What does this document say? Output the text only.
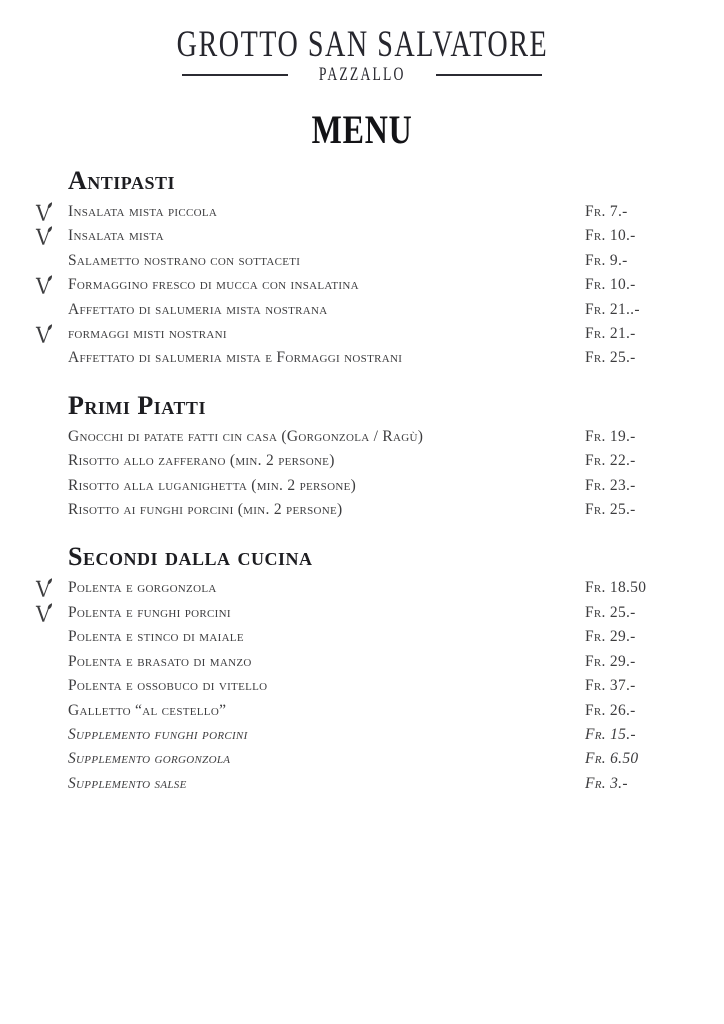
GROTTO SAN SALVATORE
PAZZALLO
MENU
Antipasti
Insalata mista piccola	Fr. 7.-
Insalata mista	Fr. 10.-
Salametto nostrano con sottaceti	Fr. 9.-
Formaggino fresco di mucca con insalatina	Fr. 10.-
Affettato di salumeria mista nostrana	Fr. 21..-
formaggi misti nostrani	Fr. 21.-
Affettato di salumeria mista e Formaggi nostrani	Fr. 25.-
Primi Piatti
Gnocchi di patate fatti cin casa (Gorgonzola / Ragù)	Fr. 19.-
Risotto allo zafferano (min. 2 persone)	Fr. 22.-
Risotto alla luganighetta (min. 2 persone)	Fr. 23.-
Risotto ai funghi porcini (min. 2 persone)	Fr. 25.-
Secondi dalla cucina
Polenta e gorgonzola	Fr. 18.50
Polenta e funghi porcini	Fr. 25.-
Polenta e stinco di maiale	Fr. 29.-
Polenta e brasato di manzo	Fr. 29.-
Polenta e ossobuco di vitello	Fr. 37.-
Galletto “al cestello”	Fr. 26.-
Supplemento funghi porcini	Fr. 15.-
Supplemento gorgonzola	Fr. 6.50
Supplemento salse	Fr. 3.-
